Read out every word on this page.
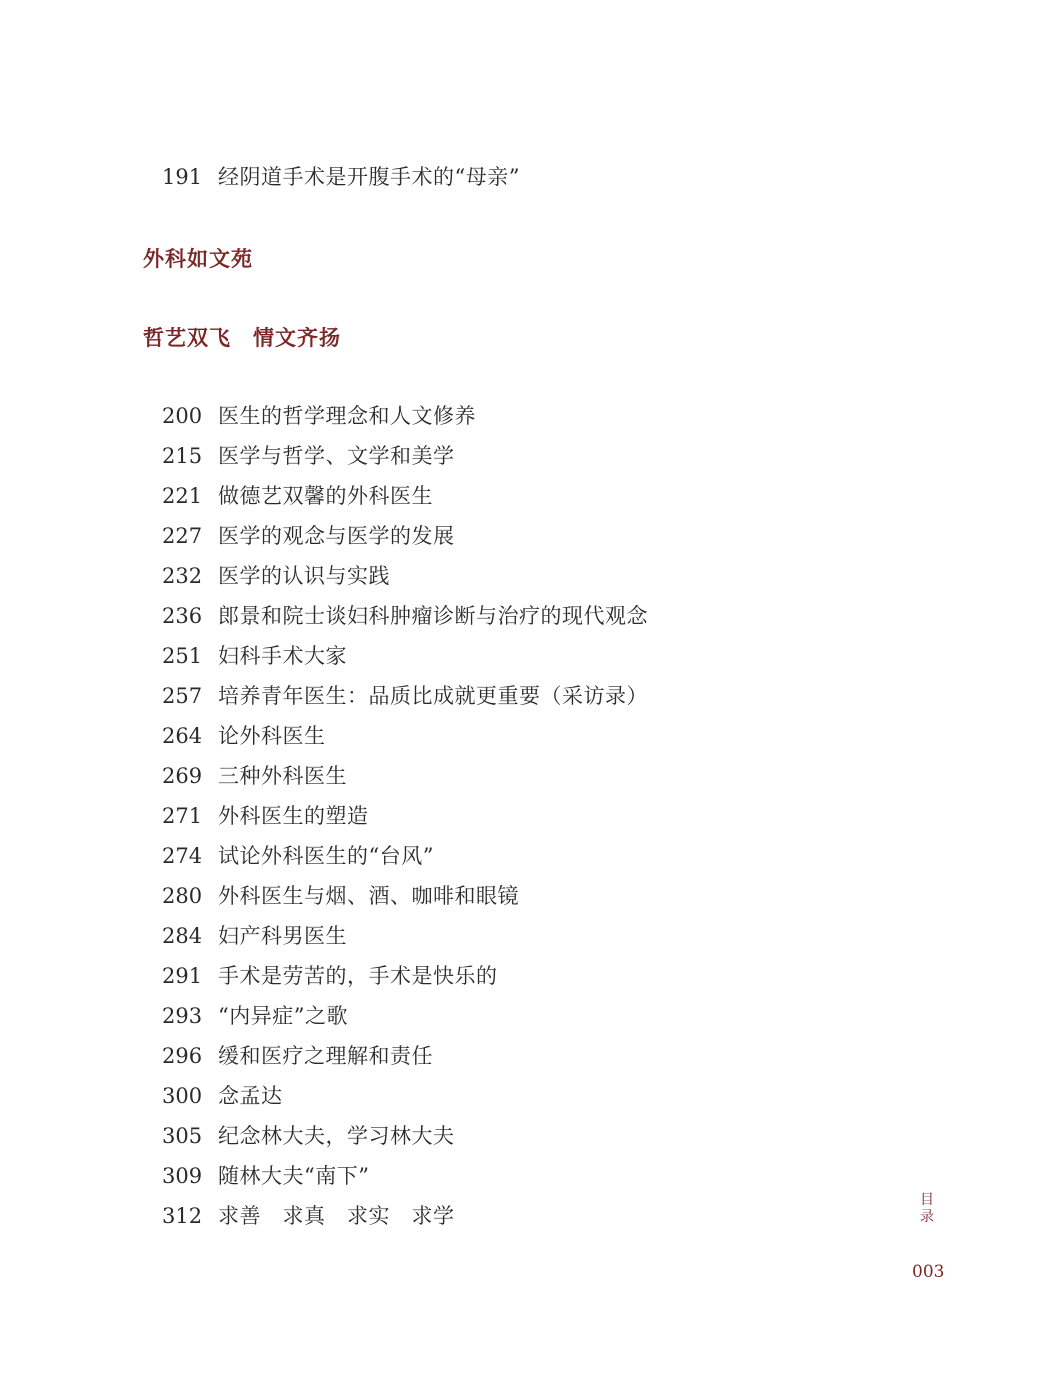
191 经阴道手术是开腹手术的“母亲”
外科如文苑
哲艺双飞　情文齐扬
200 医生的哲学理念和人文修养
215 医学与哲学、文学和美学
221 做德艺双馨的外科医生
227 医学的观念与医学的发展
232 医学的认识与实践
236 郎景和院士谈妇科肿瘤诊断与治疗的现代观念
251 妇科手术大家
257 培养青年医生：品质比成就更重要（采访录）
264 论外科医生
269 三种外科医生
271 外科医生的塑造
274 试论外科医生的“台风”
280 外科医生与烟、酒、咖啡和眼镜
284 妇产科男医生
291 手术是劳苦的，手术是快乐的
293 “内异症”之歌
296 缓和医疗之理解和责任
300 念孟达
305 纪念林大夫，学习林大夫
309 随林大夫“南下”
312 求善　求真　求实　求学
目
录
003
